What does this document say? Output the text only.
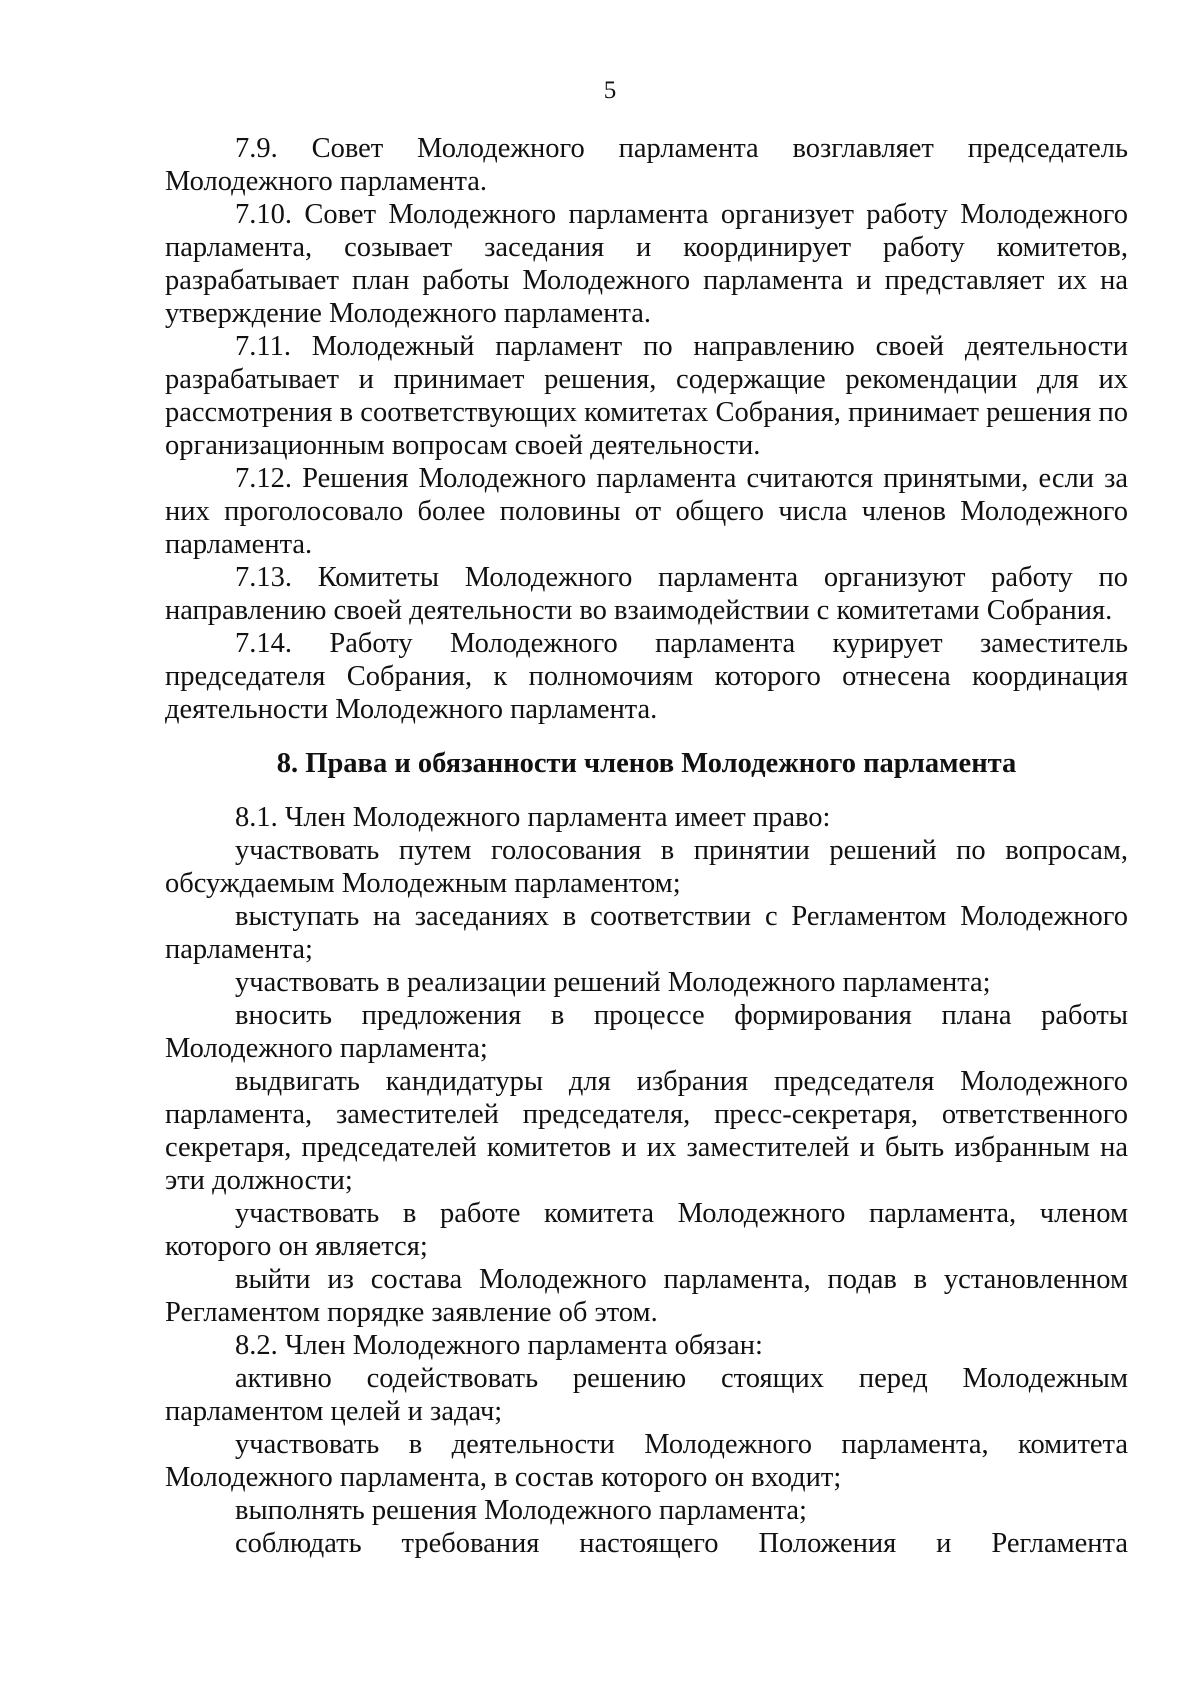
5

7.9. Совет Молодежного парламента возглавляет председатель Молодежного парламента.

7.10. Совет Молодежного парламента организует работу Молодежного парламента, созывает заседания и координирует работу комитетов, разрабатывает план работы Молодежного парламента и представляет их на утверждение Молодежного парламента.

7.11. Молодежный парламент по направлению своей деятельности разрабатывает и принимает решения, содержащие рекомендации для их рассмотрения в соответствующих комитетах Собрания, принимает решения по организационным вопросам своей деятельности.

7.12. Решения Молодежного парламента считаются принятыми, если за них проголосовало более половины от общего числа членов Молодежного парламента.

7.13. Комитеты Молодежного парламента организуют работу по направлению своей деятельности во взаимодействии с комитетами Собрания.

7.14. Работу Молодежного парламента курирует заместитель председателя Собрания, к полномочиям которого отнесена координация деятельности Молодежного парламента.

8. Права и обязанности членов Молодежного парламента

8.1. Член Молодежного парламента имеет право:

участвовать путем голосования в принятии решений по вопросам, обсуждаемым Молодежным парламентом;

выступать на заседаниях в соответствии с Регламентом Молодежного парламента;

участвовать в реализации решений Молодежного парламента;

вносить предложения в процессе формирования плана работы Молодежного парламента;

выдвигать кандидатуры для избрания председателя Молодежного парламента, заместителей председателя, пресс-секретаря, ответственного секретаря, председателей комитетов и их заместителей и быть избранным на эти должности;

участвовать в работе комитета Молодежного парламента, членом которого он является;

выйти из состава Молодежного парламента, подав в установленном Регламентом порядке заявление об этом.

8.2. Член Молодежного парламента обязан:

активно содействовать решению стоящих перед Молодежным парламентом целей и задач;

участвовать в деятельности Молодежного парламента, комитета Молодежного парламента, в состав которого он входит;

выполнять решения Молодежного парламента;

соблюдать требования настоящего Положения и Регламента
